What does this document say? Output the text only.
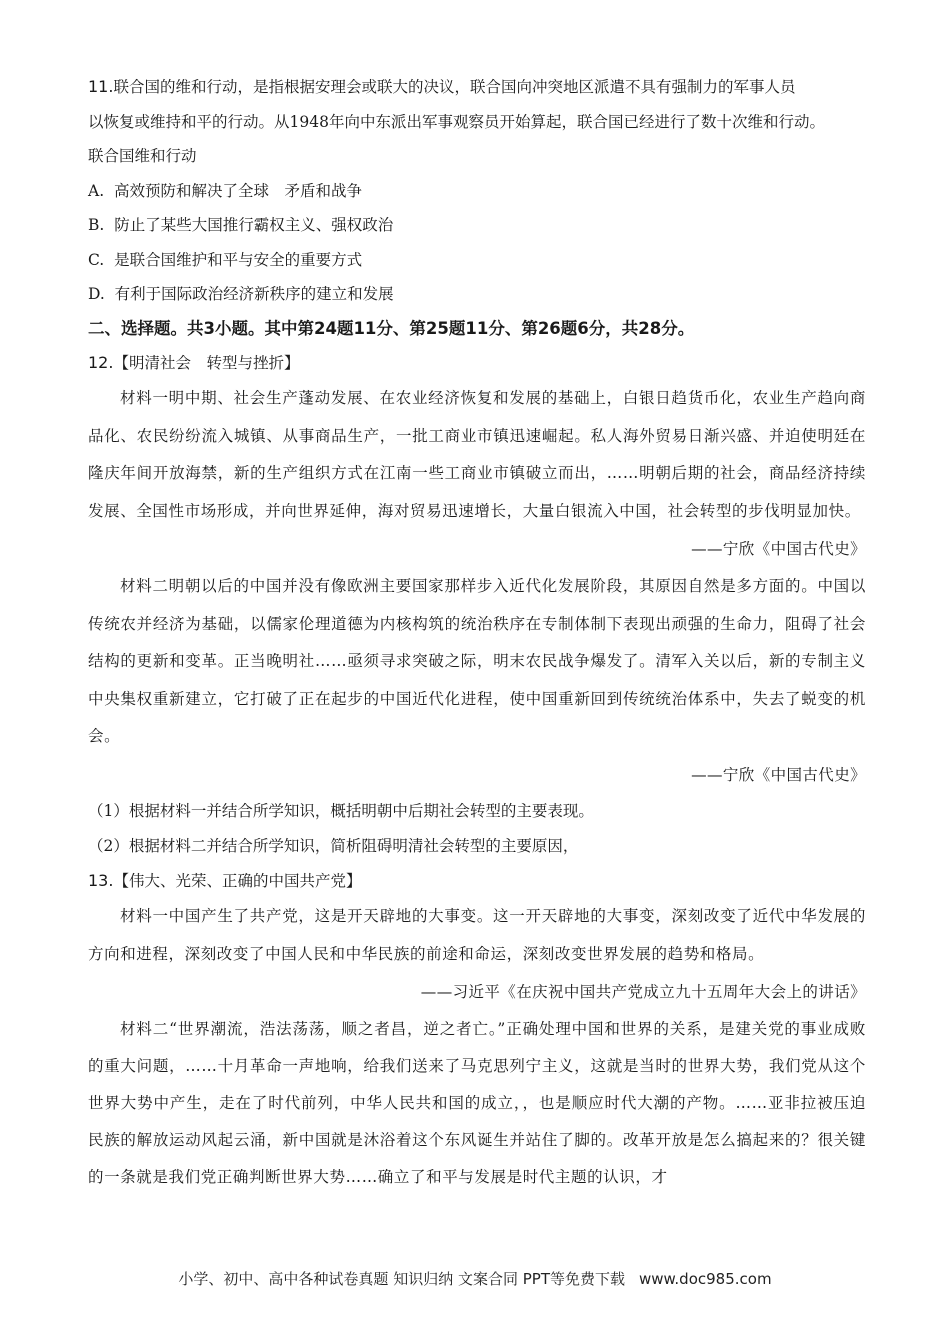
11.联合国的维和行动，是指根据安理会或联大的决议，联合国向冲突地区派遣不具有强制力的军事人员
以恢复或维持和平的行动。从1948年向中东派出军事观察员开始算起，联合国已经进行了数十次维和行动。
联合国维和行动
A. 高效预防和解决了全球　矛盾和战争
B. 防止了某些大国推行霸权主义、强权政治
C. 是联合国维护和平与安全的重要方式
D. 有利于国际政治经济新秩序的建立和发展
二、选择题。共3小题。其中第24题11分、第25题11分、第26题6分，共28分。
12.【明清社会　转型与挫折】
材料一明中期、社会生产蓬动发展、在农业经济恢复和发展的基础上，白银日趋货币化，农业生产趋向商品化、农民纷纷流入城镇、从事商品生产，一批工商业市镇迅速崛起。私人海外贸易日渐兴盛、并迫使明廷在隆庆年间开放海禁，新的生产组织方式在江南一些工商业市镇破立而出，……明朝后期的社会，商品经济持续发展、全国性市场形成，并向世界延伸，海对贸易迅速增长，大量白银流入中国，社会转型的步伐明显加快。
——宁欣《中国古代史》
材料二明朝以后的中国并没有像欧洲主要国家那样步入近代化发展阶段，其原因自然是多方面的。中国以传统农并经济为基础，以儒家伦理道德为内核构筑的统治秩序在专制体制下表现出顽强的生命力，阻碍了社会结构的更新和变革。正当晚明社……亟须寻求突破之际，明末农民战争爆发了。清军入关以后，新的专制主义中央集权重新建立，它打破了正在起步的中国近代化进程，使中国重新回到传统统治体系中，失去了蜕变的机会。
——宁欣《中国古代史》
（1）根据材料一并结合所学知识，概括明朝中后期社会转型的主要表现。
（2）根据材料二并结合所学知识，简析阻碍明清社会转型的主要原因，
13.【伟大、光荣、正确的中国共产党】
材料一中国产生了共产党，这是开天辟地的大事变。这一开天辟地的大事变，深刻改变了近代中华发展的方向和进程，深刻改变了中国人民和中华民族的前途和命运，深刻改变世界发展的趋势和格局。
——习近平《在庆祝中国共产党成立九十五周年大会上的讲话》
材料二“世界潮流，浩法荡荡，顺之者昌，逆之者亡。”正确处理中国和世界的关系，是建关党的事业成败的重大问题，……十月革命一声地响，给我们送来了马克思列宁主义，这就是当时的世界大势，我们党从这个世界大势中产生，走在了时代前列，中华人民共和国的成立，，也是顺应时代大潮的产物。……亚非拉被压迫民族的解放运动风起云涌，新中国就是沐浴着这个东风诞生并站住了脚的。改革开放是怎么搞起来的？很关键的一条就是我们党正确判断世界大势……确立了和平与发展是时代主题的认识，才
小学、初中、高中各种试卷真题 知识归纳 文案合同 PPT等免费下载 www.doc985.com
